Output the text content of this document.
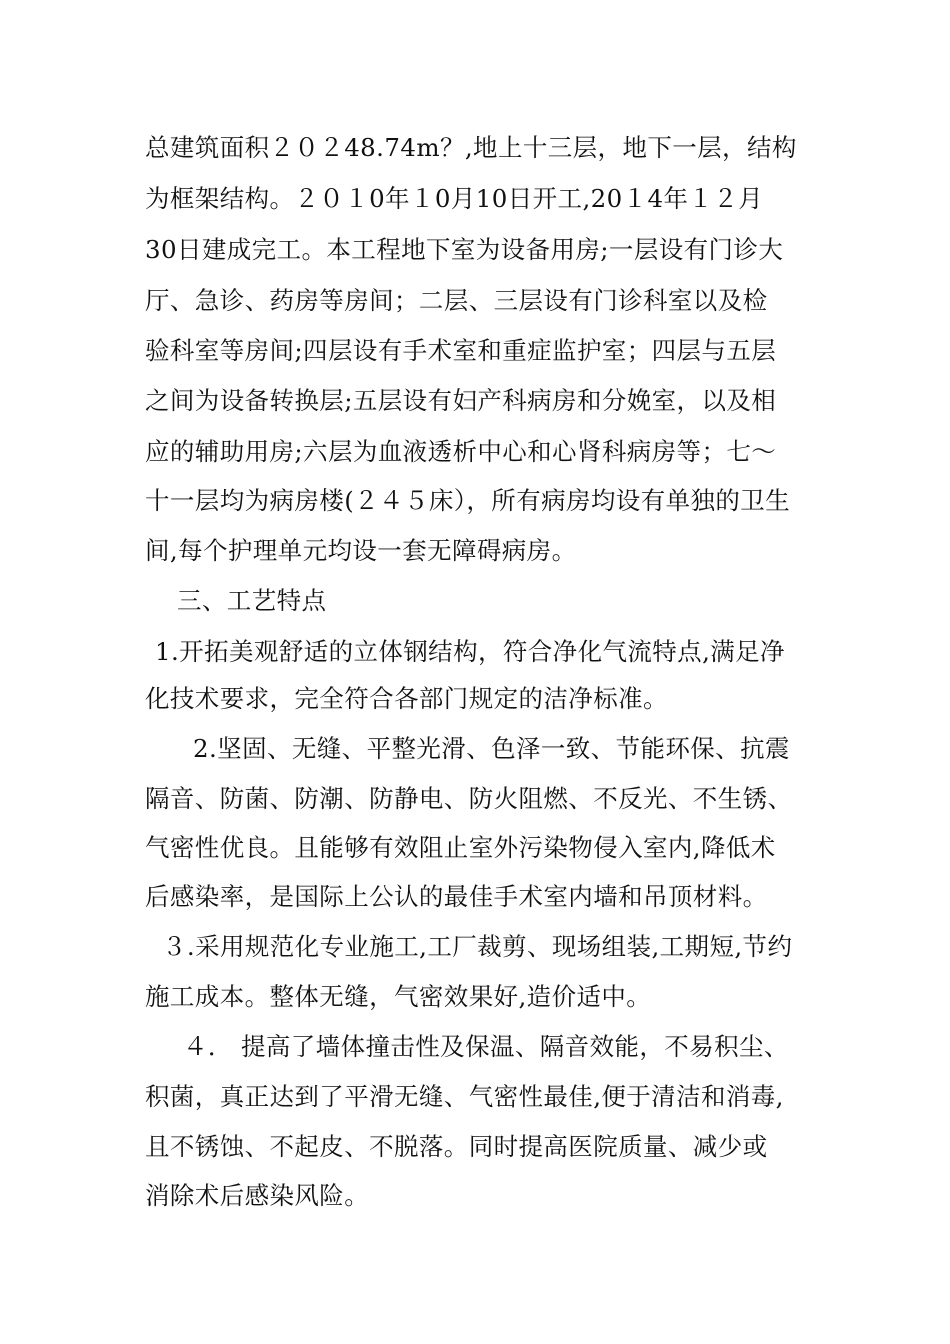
总建筑面积２０２48.74m？,地上十三层，地下一层，结构
为框架结构。２０１0年１0月10日开工,20１4年１２月
30日建成完工。本工程地下室为设备用房;一层设有门诊大
厅、急诊、药房等房间；二层、三层设有门诊科室以及检
验科室等房间;四层设有手术室和重症监护室；四层与五层
之间为设备转换层;五层设有妇产科病房和分娩室，以及相
应的辅助用房;六层为血液透析中心和心肾科病房等；七～
十一层均为病房楼(２４５床），所有病房均设有单独的卫生
间,每个护理单元均设一套无障碍病房。
三、工艺特点
1.开拓美观舒适的立体钢结构，符合净化气流特点,满足净
化技术要求，完全符合各部门规定的洁净标准。
2.坚固、无缝、平整光滑、色泽一致、节能环保、抗震
隔音、防菌、防潮、防静电、防火阻燃、不反光、不生锈、
气密性优良。且能够有效阻止室外污染物侵入室内,降低术
后感染率，是国际上公认的最佳手术室内墙和吊顶材料。
３.采用规范化专业施工,工厂裁剪、现场组装,工期短,节约
施工成本。整体无缝，气密效果好,造价适中。
４． 提高了墙体撞击性及保温、隔音效能，不易积尘、
积菌，真正达到了平滑无缝、气密性最佳,便于清洁和消毒,
且不锈蚀、不起皮、不脱落。同时提高医院质量、减少或
消除术后感染风险。
